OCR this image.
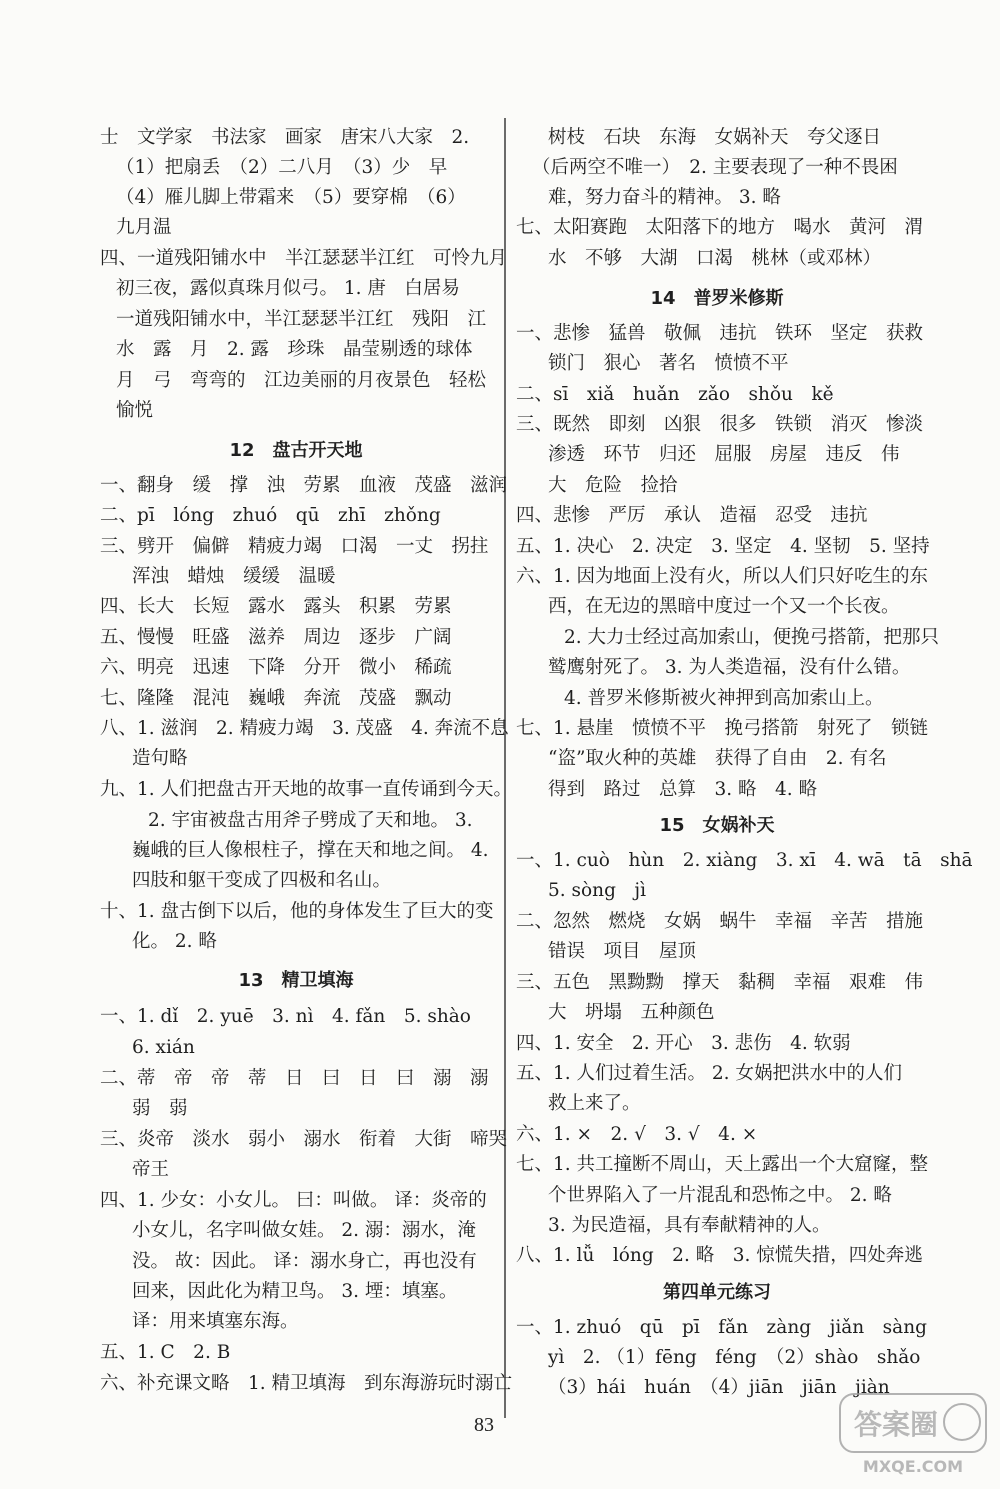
士　文学家　书法家　画家　唐宋八大家　2.
（1）把扇丢　（2）二八月　（3）少　早
（4）雁儿脚上带霜来　（5）要穿棉　（6）
九月温
四、一道残阳铺水中　半江瑟瑟半江红　可怜九月
初三夜，露似真珠月似弓。 1. 唐　白居易
一道残阳铺水中，半江瑟瑟半江红　残阳　江
水　露　月　2. 露　珍珠　晶莹剔透的球体
月　弓　弯弯的　江边美丽的月夜景色　轻松
愉悦
12　盘古开天地
一、翻身　缓　撑　浊　劳累　血液　茂盛　滋润
二、pī　lóng　zhuó　qū　zhī　zhǒng
三、劈开　偏僻　精疲力竭　口渴　一丈　拐拄
浑浊　蜡烛　缓缓　温暖
四、长大　长短　露水　露头　积累　劳累
五、慢慢　旺盛　滋养　周边　逐步　广阔
六、明亮　迅速　下降　分开　微小　稀疏
七、隆隆　混沌　巍峨　奔流　茂盛　飘动
八、1. 滋润　2. 精疲力竭　3. 茂盛　4. 奔流不息
造句略
九、1. 人们把盘古开天地的故事一直传诵到今天。
2. 宇宙被盘古用斧子劈成了天和地。 3.
巍峨的巨人像根柱子，撑在天和地之间。 4.
四肢和躯干变成了四极和名山。
十、1. 盘古倒下以后，他的身体发生了巨大的变
化。 2. 略
13　精卫填海
一、1. dǐ　2. yuē　3. nì　4. fǎn　5. shào
6. xián
二、蒂　帝　帝　蒂　日　曰　日　曰　溺　溺
弱　弱
三、炎帝　淡水　弱小　溺水　衔着　大街　啼哭
帝王
四、1. 少女：小女儿。 曰：叫做。 译：炎帝的
小女儿，名字叫做女娃。 2. 溺：溺水，淹
没。 故：因此。 译：溺水身亡，再也没有
回来，因此化为精卫鸟。 3. 堙：填塞。
译：用来填塞东海。
五、1. C　2. B
六、补充课文略　1. 精卫填海　到东海游玩时溺亡
树枝　石块　东海　女娲补天　夸父逐日
（后两空不唯一）　2. 主要表现了一种不畏困
难，努力奋斗的精神。 3. 略
七、太阳赛跑　太阳落下的地方　喝水　黄河　渭
水　不够　大湖　口渴　桃林（或邓林）
14　普罗米修斯
一、悲惨　猛兽　敬佩　违抗　铁环　坚定　获救
锁门　狠心　著名　愤愤不平
二、sī　xiǎ　huǎn　zǎo　shǒu　kě
三、既然　即刻　凶狠　很多　铁锁　消灭　惨淡
渗透　环节　归还　屈服　房屋　违反　伟
大　危险　捡拾
四、悲惨　严厉　承认　造福　忍受　违抗
五、1. 决心　2. 决定　3. 坚定　4. 坚韧　5. 坚持
六、1. 因为地面上没有火，所以人们只好吃生的东
西，在无边的黑暗中度过一个又一个长夜。
2. 大力士经过高加索山，便挽弓搭箭，把那只
鹫鹰射死了。 3. 为人类造福，没有什么错。
4. 普罗米修斯被火神押到高加索山上。
七、1. 悬崖　愤愤不平　挽弓搭箭　射死了　锁链
“盗”取火种的英雄　获得了自由　2. 有名
得到　路过　总算　3. 略　4. 略
15　女娲补天
一、1. cuò　hùn　2. xiàng　3. xī　4. wā　tā　shā
5. sòng　jì
二、忽然　燃烧　女娲　蜗牛　幸福　辛苦　措施
错误　项目　屋顶
三、五色　黑黝黝　撑天　黏稠　幸福　艰难　伟
大　坍塌　五种颜色
四、1. 安全　2. 开心　3. 悲伤　4. 软弱
五、1. 人们过着生活。 2. 女娲把洪水中的人们
救上来了。
六、1. ×　2. √　3. √　4. ×
七、1. 共工撞断不周山，天上露出一个大窟窿，整
个世界陷入了一片混乱和恐怖之中。 2. 略
3. 为民造福，具有奉献精神的人。
八、1. lǚ　lóng　2. 略　3. 惊慌失措，四处奔逃
第四单元练习
一、1. zhuó　qū　pī　fǎn　zàng　jiǎn　sàng
yì　2. （1）fēng　féng　（2）shào　shǎo
（3）hái　huán　（4）jiān　jiān　jiàn
83	答案圈
MXQE.COM
